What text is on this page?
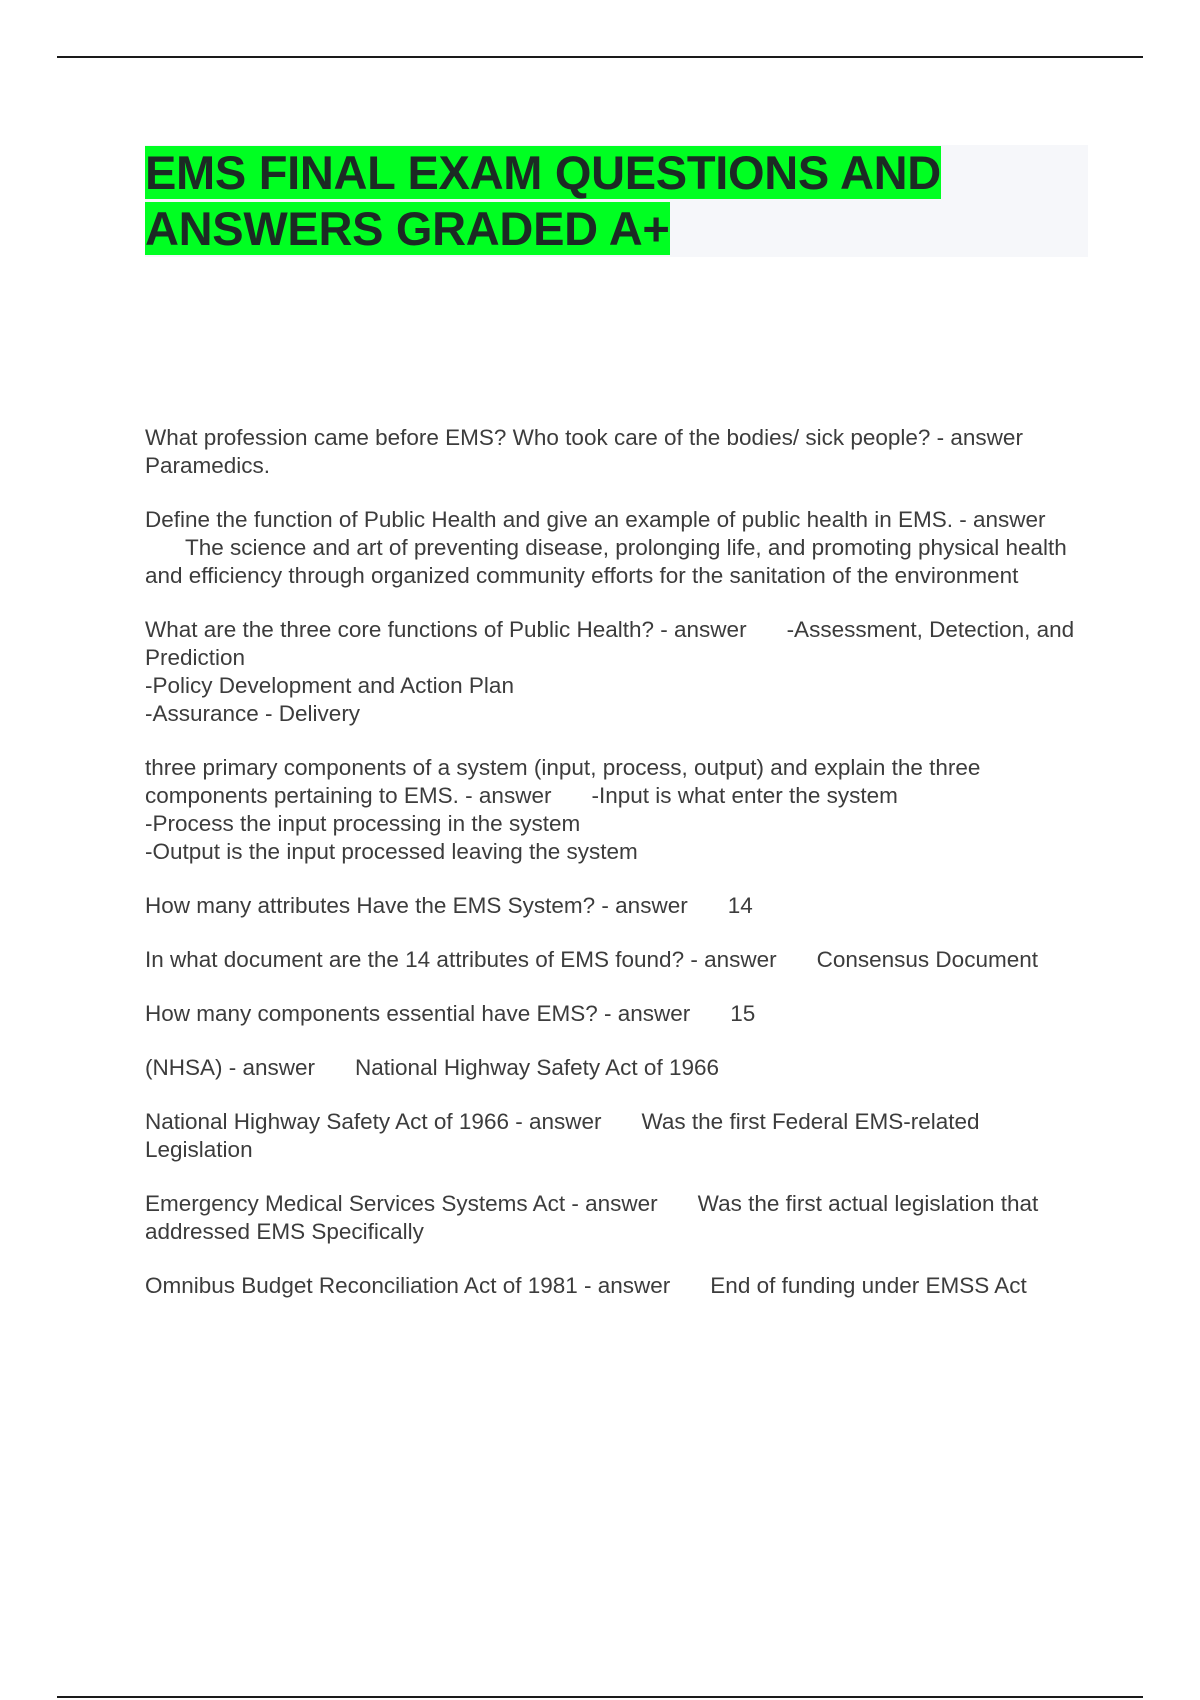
EMS FINAL EXAM QUESTIONS AND ANSWERS GRADED A+

What profession came before EMS? Who took care of the bodies/ sick people? - answerParamedics.

Define the function of Public Health and give an example of public health in EMS. - answerThe science and art of preventing disease, prolonging life, and promoting physical health and efficiency through organized community efforts for the sanitation of the environment

What are the three core functions of Public Health? - answer -Assessment, Detection, and Prediction
-Policy Development and Action Plan
-Assurance - Delivery

three primary components of a system (input, process, output) and explain the three components pertaining to EMS. - answer -Input is what enter the system
-Process the input processing in the system
-Output is the input processed leaving the system

How many attributes Have the EMS System? - answer 14

In what document are the 14 attributes of EMS found? - answer Consensus Document

How many components essential have EMS? - answer 15

(NHSA) - answer National Highway Safety Act of 1966

National Highway Safety Act of 1966 - answer Was the first Federal EMS-related Legislation

Emergency Medical Services Systems Act - answer Was the first actual legislation that addressed EMS Specifically

Omnibus Budget Reconciliation Act of 1981 - answer End of funding under EMSS Act
